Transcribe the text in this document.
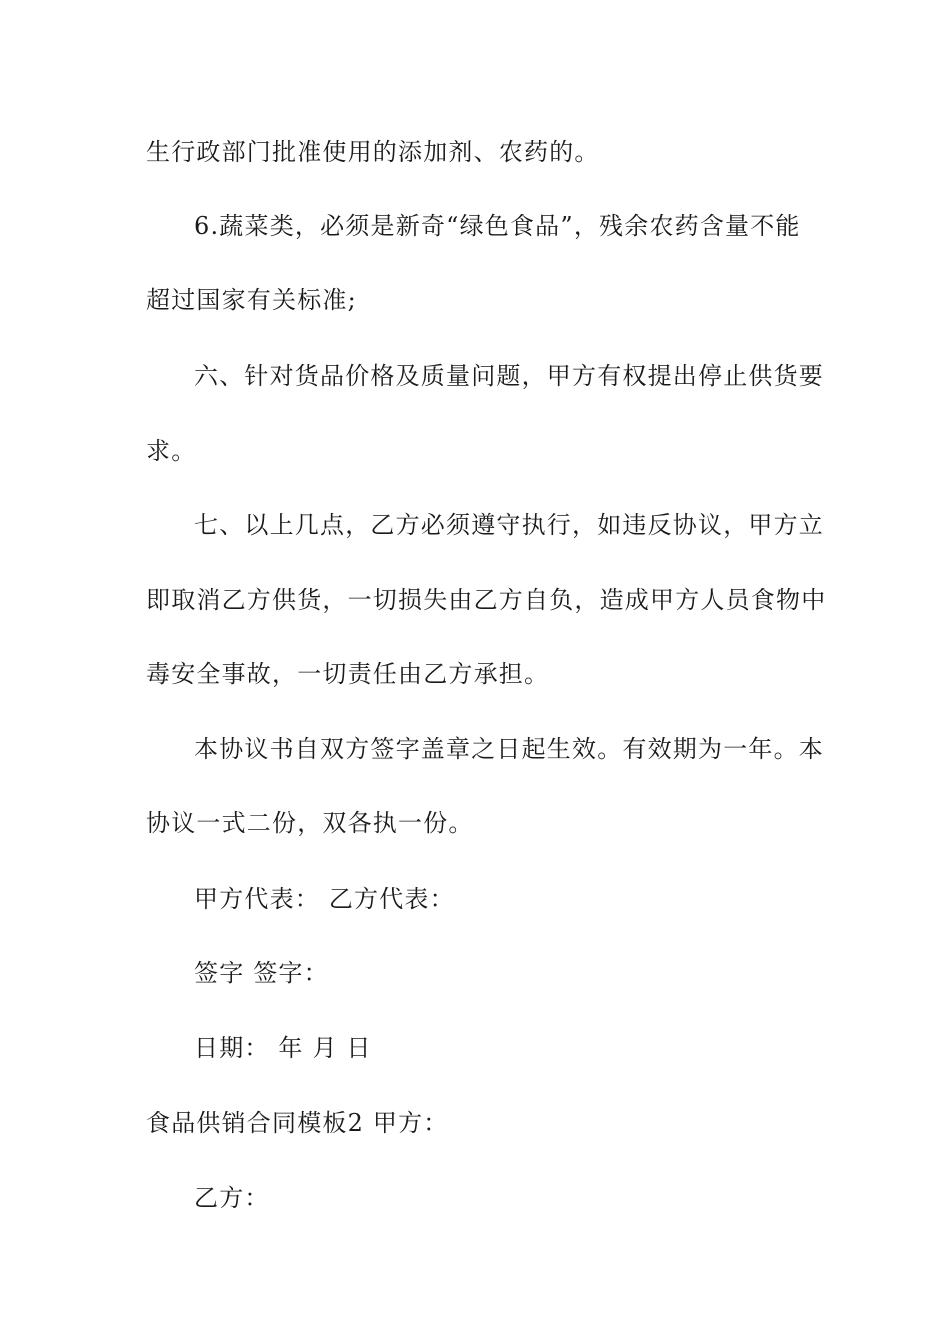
生行政部门批准使用的添加剂、农药的。
6.蔬菜类，必须是新奇“绿色食品”，残余农药含量不能
超过国家有关标准;
六、针对货品价格及质量问题，甲方有权提出停止供货要
求。
七、以上几点，乙方必须遵守执行，如违反协议，甲方立
即取消乙方供货，一切损失由乙方自负，造成甲方人员食物中
毒安全事故，一切责任由乙方承担。
本协议书自双方签字盖章之日起生效。有效期为一年。本
协议一式二份，双各执一份。
甲方代表： 乙方代表：
签字 签字：
日期： 年 月 日
食品供销合同模板2 甲方：
乙方：
